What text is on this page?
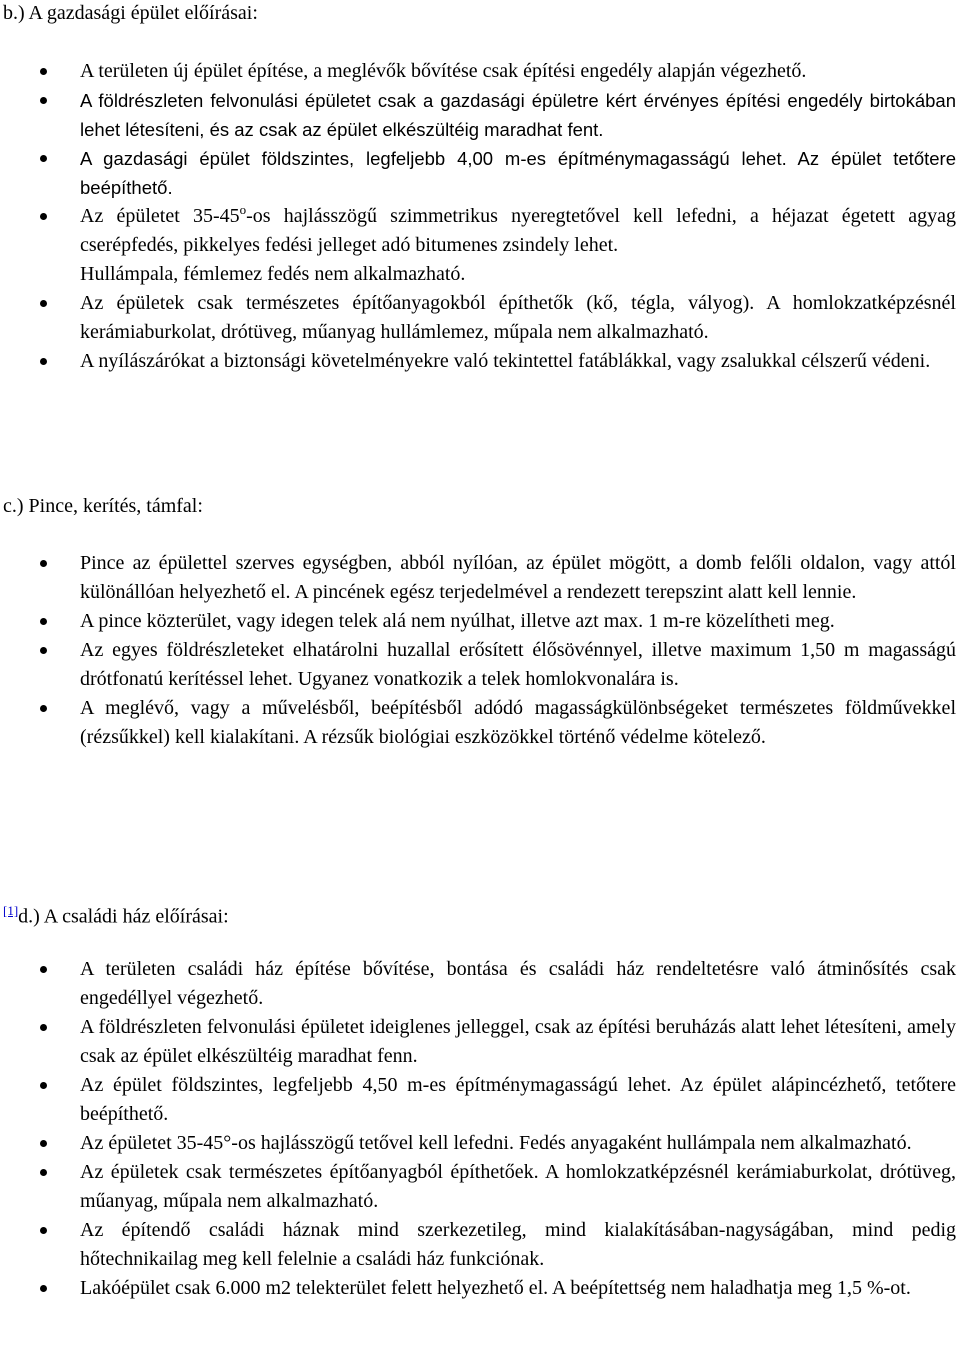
b.) A gazdasági épület előírásai:
A területen új épület építése, a meglévők bővítése csak építési engedély alapján végezhető.
A földrészleten felvonulási épületet csak a gazdasági épületre kért érvényes építési engedély birtokában lehet létesíteni, és az csak az épület elkészültéig maradhat fent.
A gazdasági épület földszintes, legfeljebb 4,00 m-es építménymagasságú lehet. Az épület tetőtere beépíthető.
Az épületet 35-45$^o$-os hajlásszögű szimmetrikus nyeregtetővel kell lefedni, a héjazat égetett agyag cserépfedés, pikkelyes fedési jelleget adó bitumenes zsindely lehet.
Hullámpala, fémlemez fedés nem alkalmazható.
Az épületek csak természetes építőanyagokból építhetők (kő, tégla, vályog). A homlokzatképzésnél kerámiaburkolat, drótüveg, műanyag hullámlemez, műpala nem alkalmazható.
A nyílászárókat a biztonsági követelményekre való tekintettel fatáblákkal, vagy zsalukkal célszerű védeni.
c.) Pince, kerítés, támfal:
Pince az épülettel szerves egységben, abból nyílóan, az épület mögött, a domb felőli oldalon, vagy attól különállóan helyezhető el. A pincének egész terjedelmével a rendezett terepszint alatt kell lennie.
A pince közterület, vagy idegen telek alá nem nyúlhat, illetve azt max. 1 m-re közelítheti meg.
Az egyes földrészleteket elhatárolni huzallal erősített élősövénnyel, illetve maximum 1,50 m magasságú drótfonatú kerítéssel lehet. Ugyanez vonatkozik a telek homlokvonalára is.
A meglévő, vagy a művelésből, beépítésből adódó magasságkülönbségeket természetes földművekkel (rézsűkkel) kell kialakítani. A rézsűk biológiai eszközökkel történő védelme kötelező.
[1]d.) A családi ház előírásai:
A területen családi ház építése bővítése, bontása és családi ház rendeltetésre való átminősítés csak engedéllyel végezhető.
A földrészleten felvonulási épületet ideiglenes jelleggel, csak az építési beruházás alatt lehet létesíteni, amely csak az épület elkészültéig maradhat fenn.
Az épület földszintes, legfeljebb 4,50 m-es építménymagasságú lehet. Az épület alápincézhető, tetőtere beépíthető.
Az épületet 35-45°-os hajlásszögű tetővel kell lefedni. Fedés anyagaként hullámpala nem alkalmazható.
Az épületek csak természetes építőanyagból építhetőek. A homlokzatképzésnél kerámiaburkolat, drótüveg, műanyag, műpala nem alkalmazható.
Az építendő családi háznak mind szerkezetileg, mind kialakításában-nagyságában, mind pedig hőtechnikailag meg kell felelnie a családi ház funkciónak.
Lakóépület csak 6.000 m2 telekterület felett helyezhető el. A beépítettség nem haladhatja meg 1,5 %-ot.
